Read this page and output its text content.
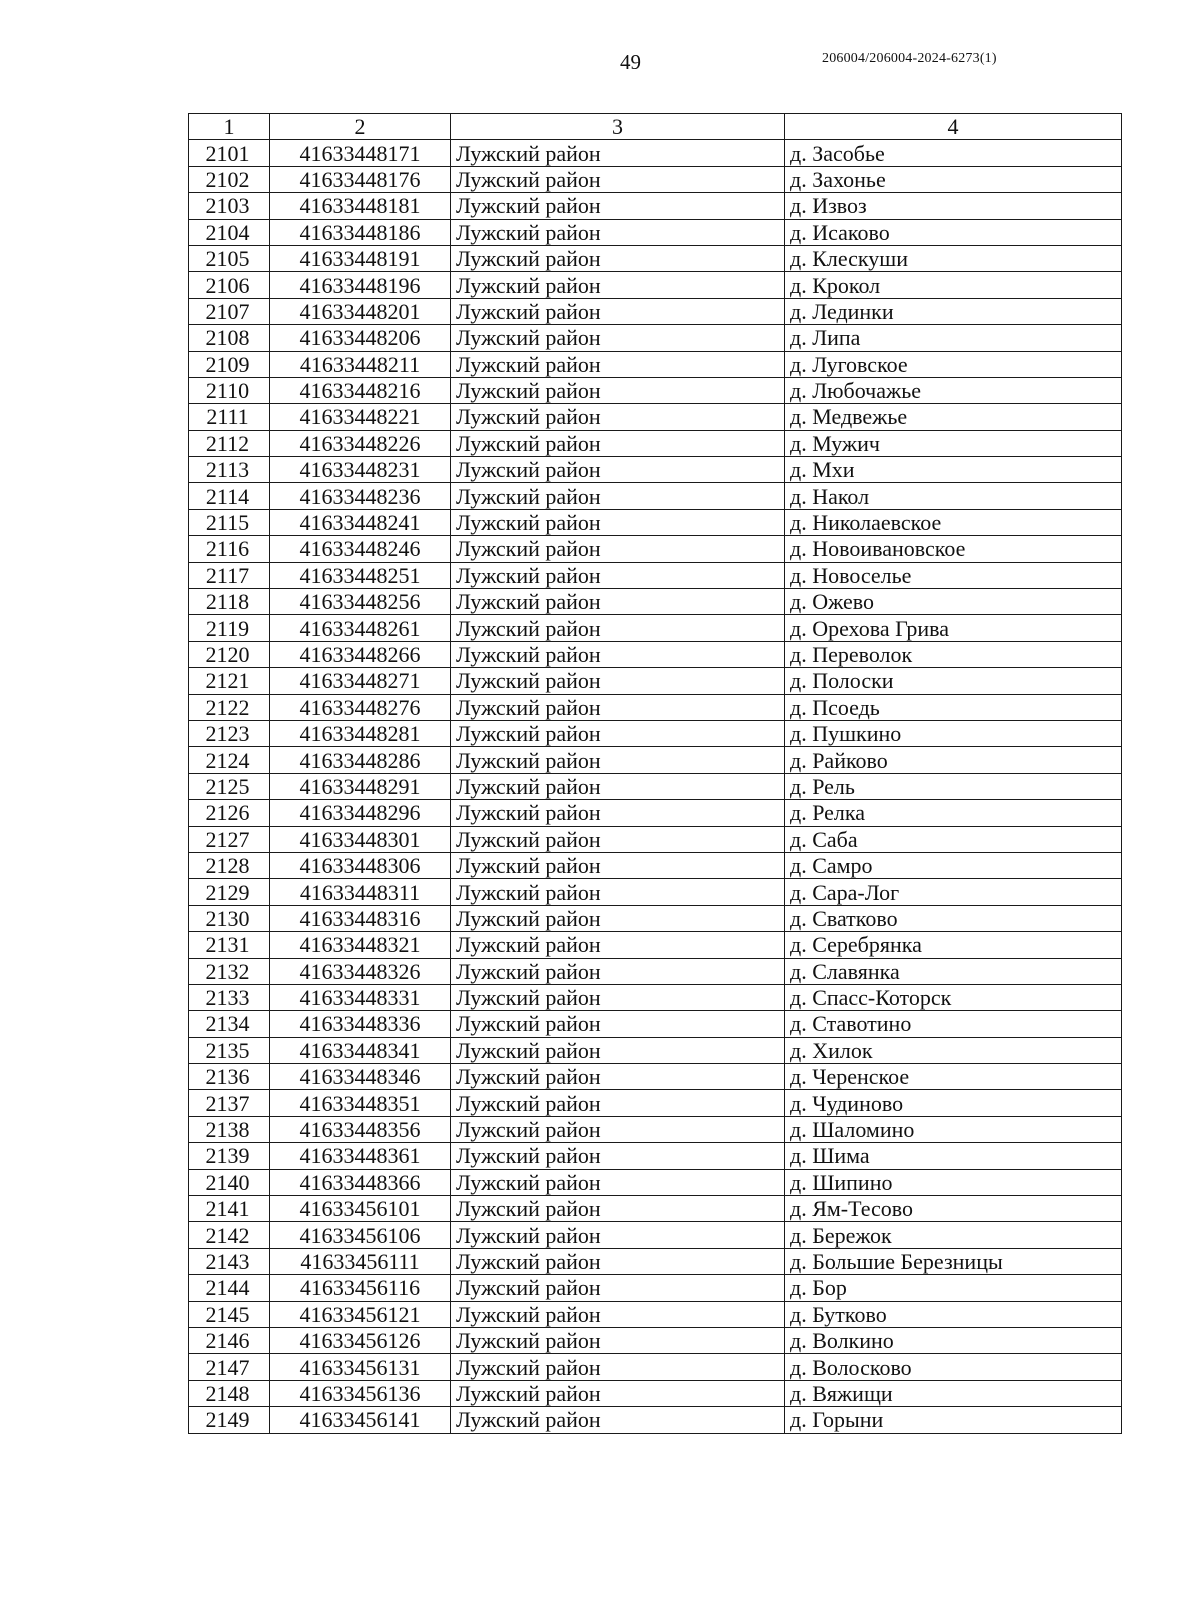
49	206004/206004-2024-6273(1)
1	2	3	4
2101	41633448171	Лужский район	д. Засобье
2102	41633448176	Лужский район	д. Захонье
2103	41633448181	Лужский район	д. Извоз
2104	41633448186	Лужский район	д. Исаково
2105	41633448191	Лужский район	д. Клескуши
2106	41633448196	Лужский район	д. Крокол
2107	41633448201	Лужский район	д. Лединки
2108	41633448206	Лужский район	д. Липа
2109	41633448211	Лужский район	д. Луговское
2110	41633448216	Лужский район	д. Любочажье
2111	41633448221	Лужский район	д. Медвежье
2112	41633448226	Лужский район	д. Мужич
2113	41633448231	Лужский район	д. Мхи
2114	41633448236	Лужский район	д. Накол
2115	41633448241	Лужский район	д. Николаевское
2116	41633448246	Лужский район	д. Новоивановское
2117	41633448251	Лужский район	д. Новоселье
2118	41633448256	Лужский район	д. Ожево
2119	41633448261	Лужский район	д. Орехова Грива
2120	41633448266	Лужский район	д. Переволок
2121	41633448271	Лужский район	д. Полоски
2122	41633448276	Лужский район	д. Псоедь
2123	41633448281	Лужский район	д. Пушкино
2124	41633448286	Лужский район	д. Райково
2125	41633448291	Лужский район	д. Рель
2126	41633448296	Лужский район	д. Релка
2127	41633448301	Лужский район	д. Саба
2128	41633448306	Лужский район	д. Самро
2129	41633448311	Лужский район	д. Сара-Лог
2130	41633448316	Лужский район	д. Сватково
2131	41633448321	Лужский район	д. Серебрянка
2132	41633448326	Лужский район	д. Славянка
2133	41633448331	Лужский район	д. Спасс-Которск
2134	41633448336	Лужский район	д. Ставотино
2135	41633448341	Лужский район	д. Хилок
2136	41633448346	Лужский район	д. Черенское
2137	41633448351	Лужский район	д. Чудиново
2138	41633448356	Лужский район	д. Шаломино
2139	41633448361	Лужский район	д. Шима
2140	41633448366	Лужский район	д. Шипино
2141	41633456101	Лужский район	д. Ям-Тесово
2142	41633456106	Лужский район	д. Бережок
2143	41633456111	Лужский район	д. Большие Березницы
2144	41633456116	Лужский район	д. Бор
2145	41633456121	Лужский район	д. Бутково
2146	41633456126	Лужский район	д. Волкино
2147	41633456131	Лужский район	д. Волосково
2148	41633456136	Лужский район	д. Вяжищи
2149	41633456141	Лужский район	д. Горыни
